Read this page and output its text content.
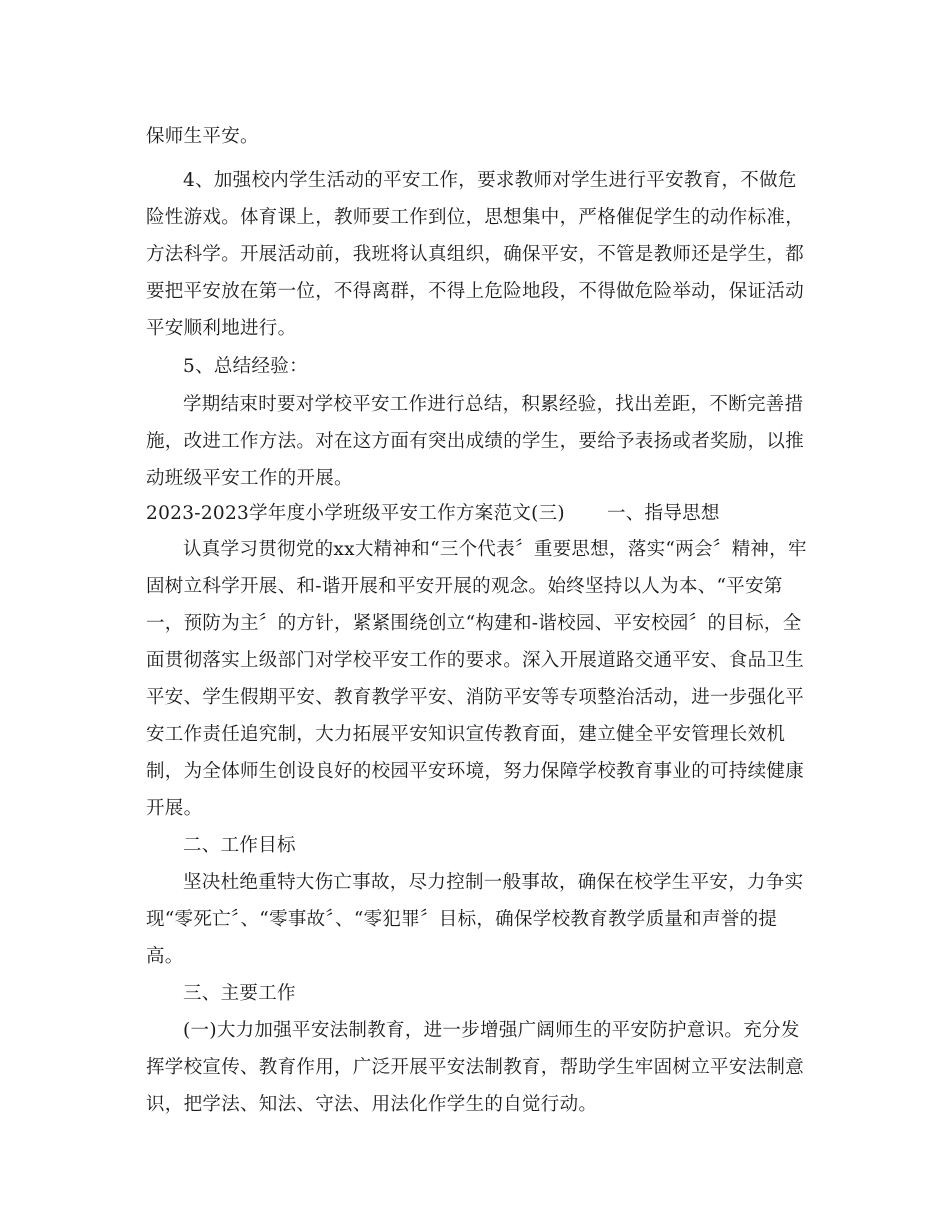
保师生平安。
4、加强校内学生活动的平安工作，要求教师对学生进行平安教育，不做危
险性游戏。体育课上，教师要工作到位，思想集中，严格催促学生的动作标准，
方法科学。开展活动前，我班将认真组织，确保平安，不管是教师还是学生，都
要把平安放在第一位，不得离群，不得上危险地段，不得做危险举动，保证活动
平安顺利地进行。
5、总结经验：
学期结束时要对学校平安工作进行总结，积累经验，找出差距，不断完善措
施，改进工作方法。对在这方面有突出成绩的学生，要给予表扬或者奖励，以推
动班级平安工作的开展。
2023-2023学年度小学班级平安工作方案范文(三) 一、指导思想
认真学习贯彻党的xx大精神和“三个代表〞重要思想，落实“两会〞精神，牢
固树立科学开展、和-谐开展和平安开展的观念。始终坚持以人为本、“平安第
一，预防为主〞的方针，紧紧围绕创立“构建和-谐校园、平安校园〞的目标，全
面贯彻落实上级部门对学校平安工作的要求。深入开展道路交通平安、食品卫生
平安、学生假期平安、教育教学平安、消防平安等专项整治活动，进一步强化平
安工作责任追究制，大力拓展平安知识宣传教育面，建立健全平安管理长效机
制，为全体师生创设良好的校园平安环境，努力保障学校教育事业的可持续健康
开展。
二、工作目标
坚决杜绝重特大伤亡事故，尽力控制一般事故，确保在校学生平安，力争实
现“零死亡〞、“零事故〞、“零犯罪〞目标，确保学校教育教学质量和声誉的提
高。
三、主要工作
(一)大力加强平安法制教育，进一步增强广阔师生的平安防护意识。充分发
挥学校宣传、教育作用，广泛开展平安法制教育，帮助学生牢固树立平安法制意
识，把学法、知法、守法、用法化作学生的自觉行动。
